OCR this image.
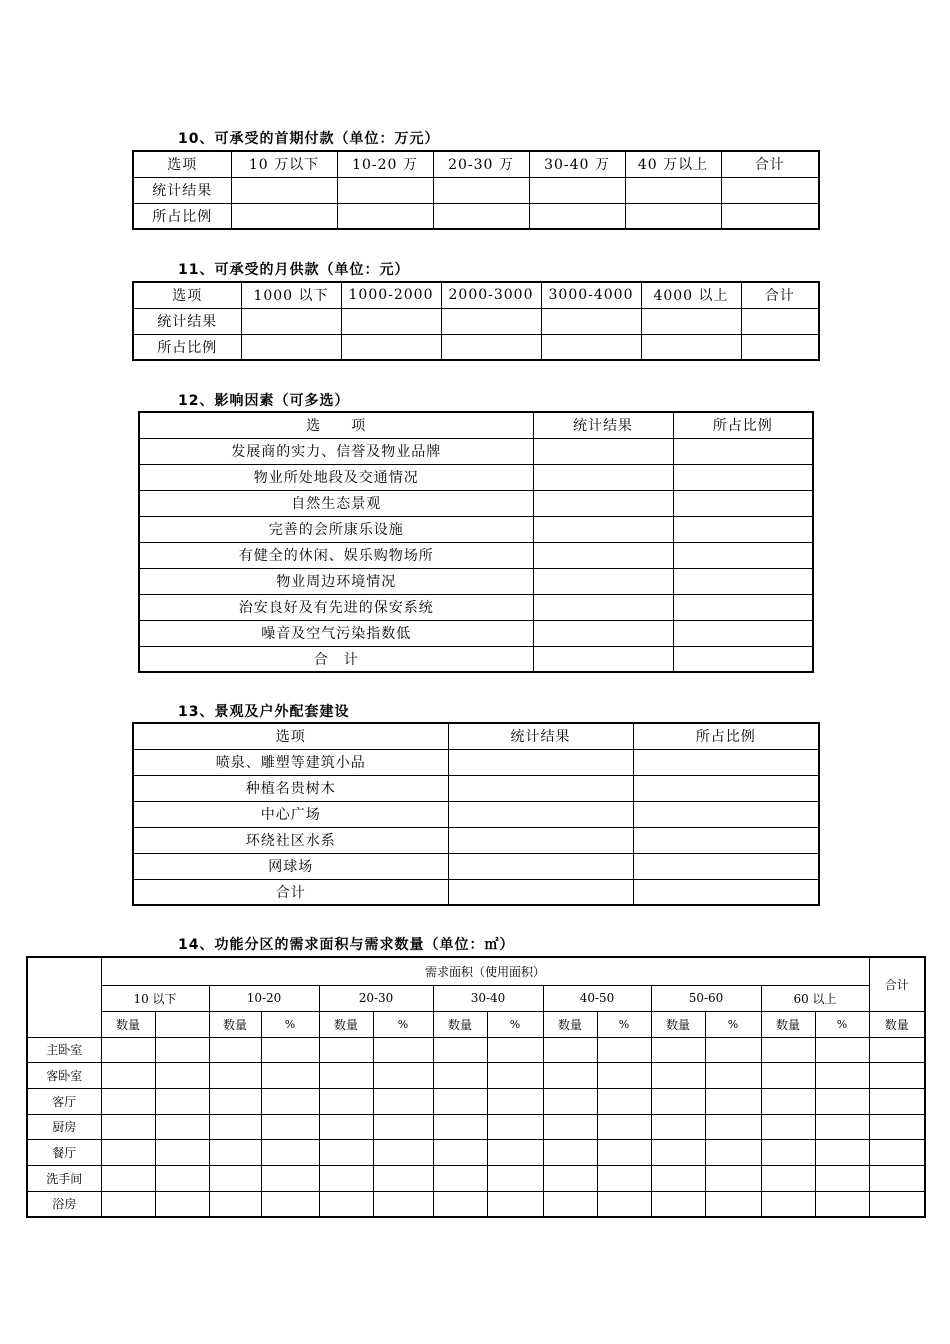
10、可承受的首期付款（单位：万元）
选项	10 万以下	10-20 万	20-30 万	30-40 万	40 万以上	合计
统计结果						
所占比例						
11、可承受的月供款（单位：元）
选项	1000 以下	1000-2000	2000-3000	3000-4000	4000 以上	合计
统计结果						
所占比例						
12、影响因素（可多选）
选　　项	统计结果	所占比例
发展商的实力、信誉及物业品牌		
物业所处地段及交通情况		
自然生态景观		
完善的会所康乐设施		
有健全的休闲、娱乐购物场所		
物业周边环境情况		
治安良好及有先进的保安系统		
噪音及空气污染指数低		
合　计		
13、景观及户外配套建设
选项	统计结果	所占比例
喷泉、雕塑等建筑小品		
种植名贵树木		
中心广场		
环绕社区水系		
网球场		
合计		
14、功能分区的需求面积与需求数量（单位：㎡）
	需求面积（使用面积）														合计
	10 以下		10-20		20-30		30-40		40-50		50-60		60 以上		
	数量		数量	%	数量	%	数量	%	数量	%	数量	%	数量	%	数量
主卧室															
客卧室															
客厅															
厨房															
餐厅															
洗手间															
浴房															
